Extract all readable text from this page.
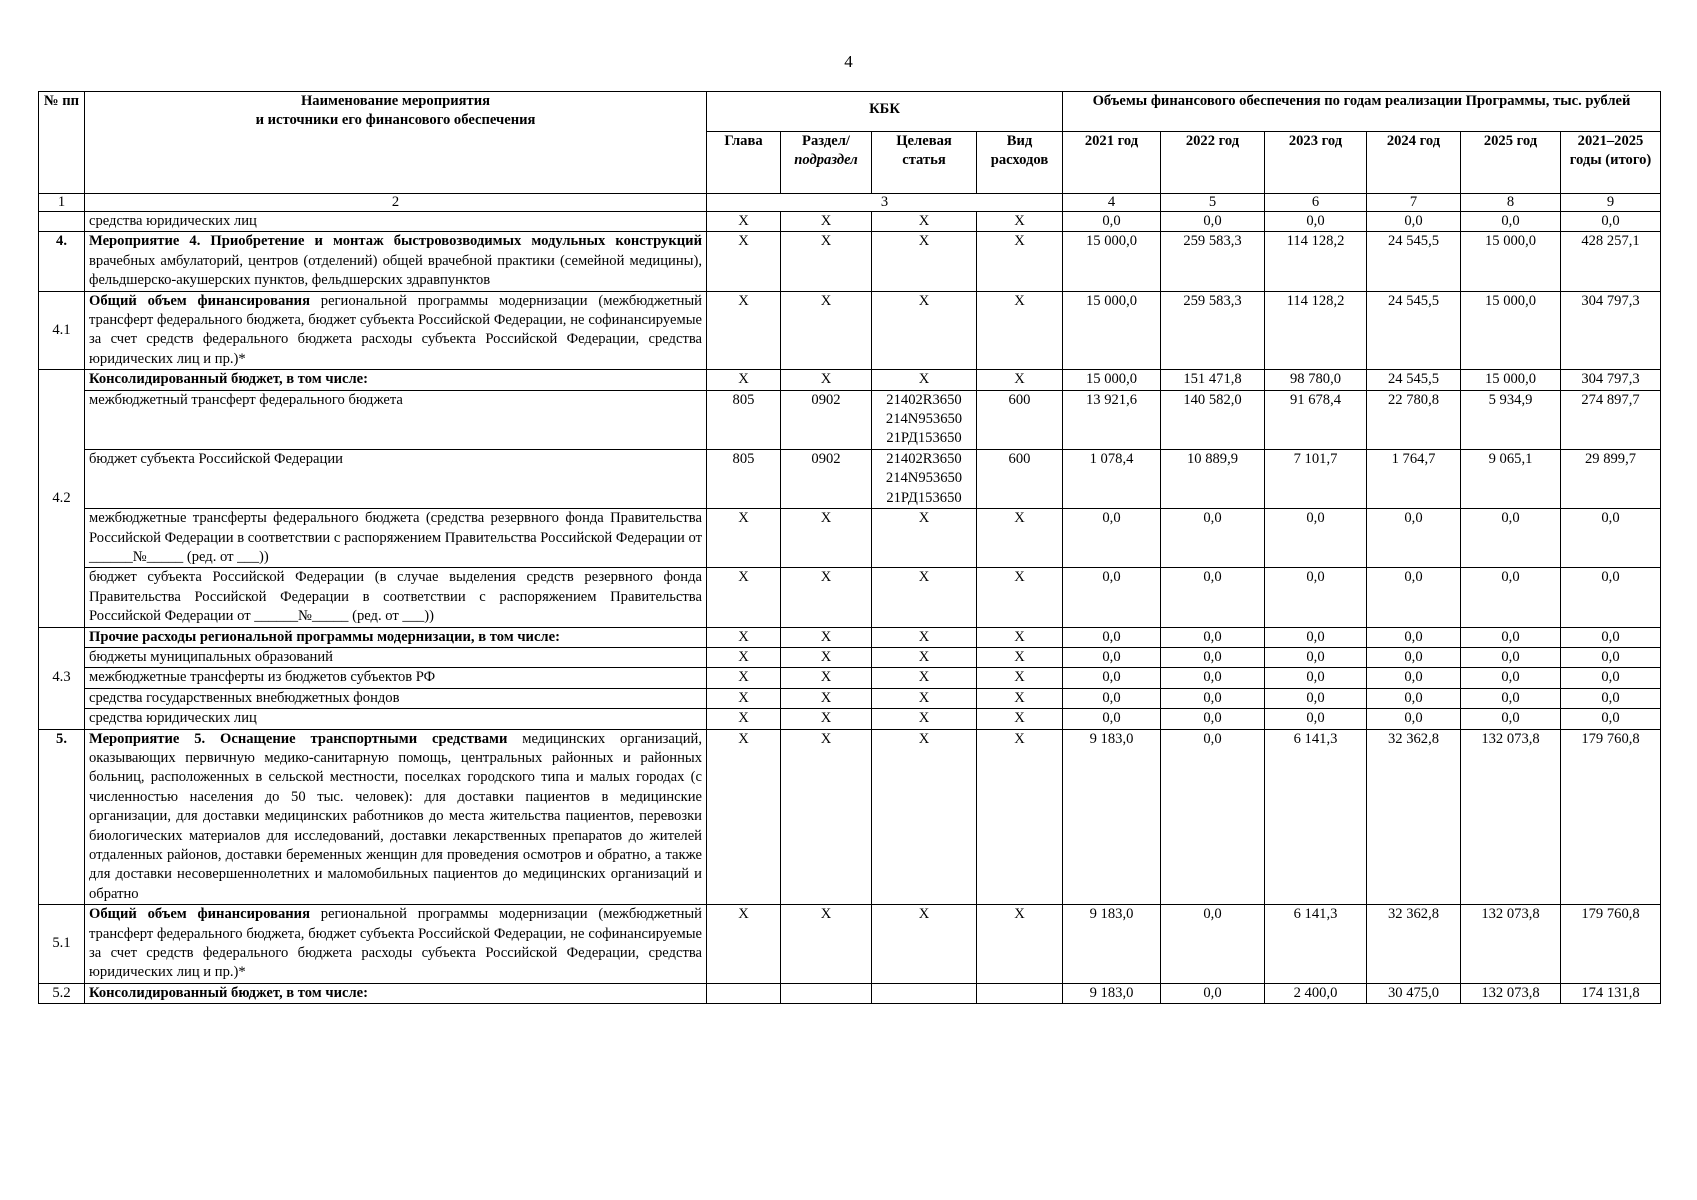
4
№ пп	Наименование мероприятия
и источники его финансового обеспечения	КБК				Объемы финансового обеспечения по годам реализации Программы, тыс. рублей					
		Глава	Раздел/
подраздел	Целевая статья	Вид расходов	2021 год	2022 год	2023 год	2024 год	2025 год	2021–2025 годы (итого)
1	2	3				4	5	6	7	8	9
	средства юридических лиц	Х	Х	Х	Х	0,0	0,0	0,0	0,0	0,0	0,0
4.	Мероприятие 4. Приобретение и монтаж быстровозводимых модульных конструкций врачебных амбулаторий, центров (отделений) общей врачебной практики (семейной медицины), фельдшерско-акушерских пунктов, фельдшерских здравпунктов	Х	Х	Х	Х	15 000,0	259 583,3	114 128,2	24 545,5	15 000,0	428 257,1
4.1	Общий объем финансирования региональной программы модернизации (межбюджетный трансферт федерального бюджета, бюджет субъекта Российской Федерации, не софинансируемые за счет средств федерального бюджета расходы субъекта Российской Федерации, средства юридических лиц и пр.)*	Х	Х	Х	Х	15 000,0	259 583,3	114 128,2	24 545,5	15 000,0	304 797,3
4.2	Консолидированный бюджет, в том числе:	Х	Х	Х	Х	15 000,0	151 471,8	98 780,0	24 545,5	15 000,0	304 797,3
	межбюджетный трансферт федерального бюджета	805	0902	21402R3650
214N953650
21РД153650	600	13 921,6	140 582,0	91 678,4	22 780,8	5 934,9	274 897,7
	бюджет субъекта Российской Федерации	805	0902	21402R3650
214N953650
21РД153650	600	1 078,4	10 889,9	7 101,7	1 764,7	9 065,1	29 899,7
	межбюджетные трансферты федерального бюджета (средства резервного фонда Правительства Российской Федерации в соответствии с распоряжением Правительства Российской Федерации от ______№_____ (ред. от ___))	Х	Х	Х	Х	0,0	0,0	0,0	0,0	0,0	0,0
	бюджет субъекта Российской Федерации (в случае выделения средств резервного фонда Правительства Российской Федерации в соответствии с распоряжением Правительства Российской Федерации от ______№_____ (ред. от ___))	Х	Х	Х	Х	0,0	0,0	0,0	0,0	0,0	0,0
4.3	Прочие расходы региональной программы модернизации, в том числе:	Х	Х	Х	Х	0,0	0,0	0,0	0,0	0,0	0,0
	бюджеты муниципальных образований	Х	Х	Х	Х	0,0	0,0	0,0	0,0	0,0	0,0
	межбюджетные трансферты из бюджетов субъектов РФ	Х	Х	Х	Х	0,0	0,0	0,0	0,0	0,0	0,0
	средства государственных внебюджетных фондов	Х	Х	Х	Х	0,0	0,0	0,0	0,0	0,0	0,0
	средства юридических лиц	Х	Х	Х	Х	0,0	0,0	0,0	0,0	0,0	0,0
5.	Мероприятие 5. Оснащение транспортными средствами медицинских организаций, оказывающих первичную медико-санитарную помощь, центральных районных и районных больниц, расположенных в сельской местности, поселках городского типа и малых городах (с численностью населения до 50 тыс. человек): для доставки пациентов в медицинские организации, для доставки медицинских работников до места жительства пациентов, перевозки биологических материалов для исследований, доставки лекарственных препаратов до жителей отдаленных районов, доставки беременных женщин для проведения осмотров и обратно, а также для доставки несовершеннолетних и маломобильных пациентов до медицинских организаций и обратно	Х	Х	Х	Х	9 183,0	0,0	6 141,3	32 362,8	132 073,8	179 760,8
5.1	Общий объем финансирования региональной программы модернизации (межбюджетный трансферт федерального бюджета, бюджет субъекта Российской Федерации, не софинансируемые за счет средств федерального бюджета расходы субъекта Российской Федерации, средства юридических лиц и пр.)*	Х	Х	Х	Х	9 183,0	0,0	6 141,3	32 362,8	132 073,8	179 760,8
5.2	Консолидированный бюджет, в том числе:					9 183,0	0,0	2 400,0	30 475,0	132 073,8	174 131,8
